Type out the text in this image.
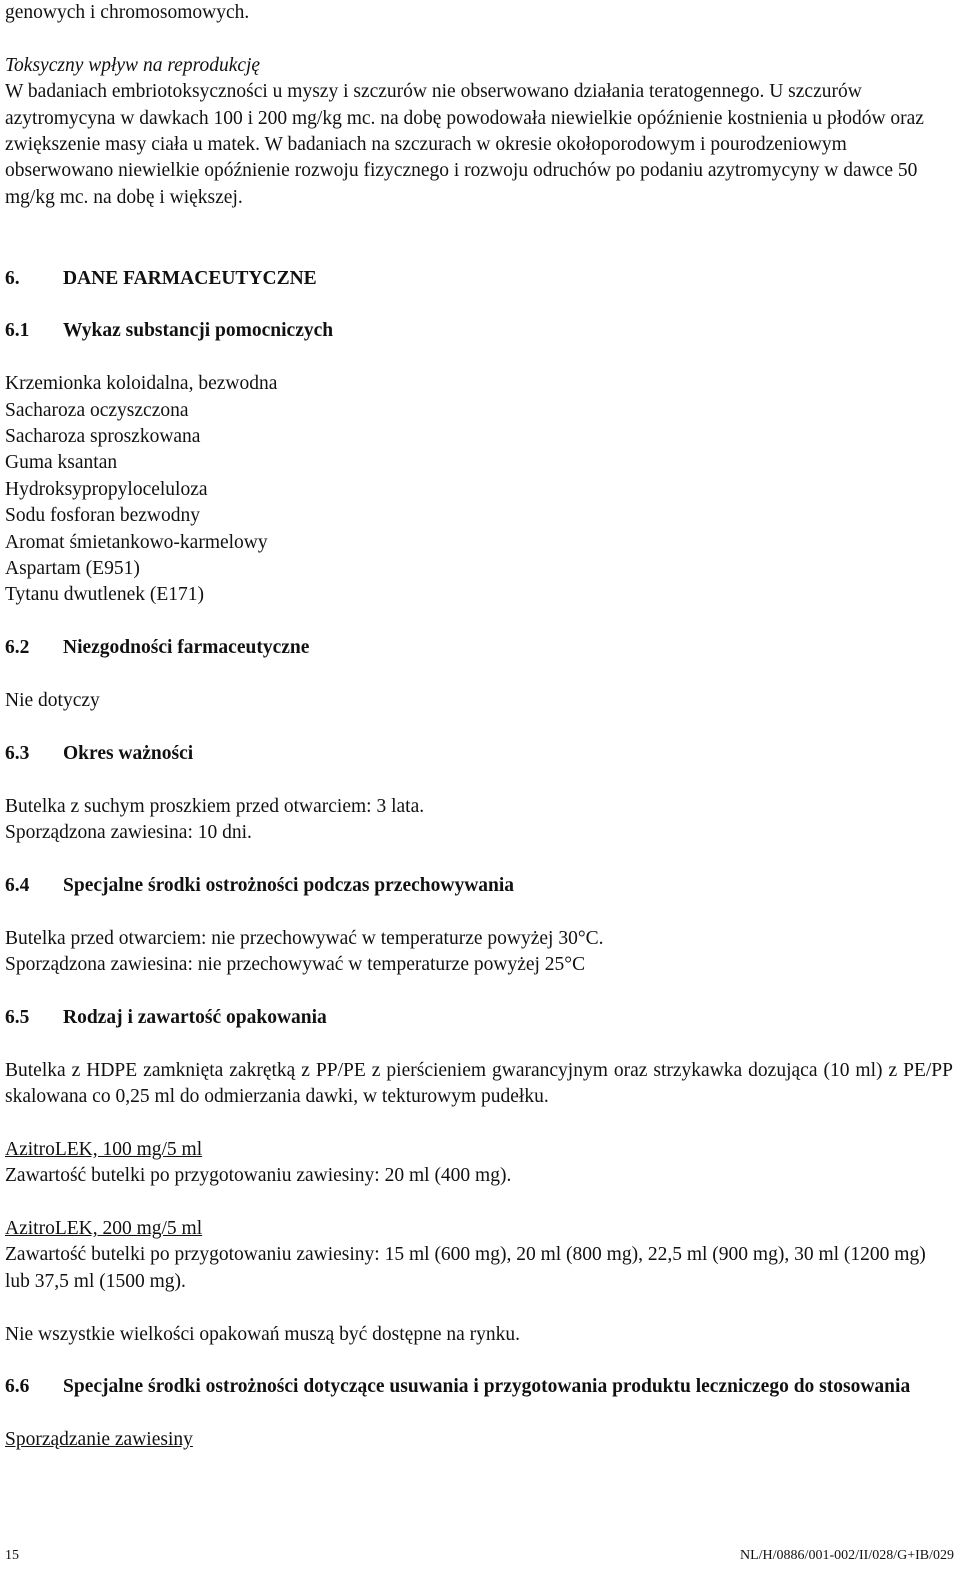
genowych i chromosomowych.

Toksyczny wpływ na reprodukcję

W badaniach embriotoksyczności u myszy i szczurów nie obserwowano działania teratogennego. U szczurów azytromycyna w dawkach 100 i 200 mg/kg mc. na dobę powodowała niewielkie opóźnienie kostnienia u płodów oraz zwiększenie masy ciała u matek. W badaniach na szczurach w okresie okołoporodowym i pourodzeniowym obserwowano niewielkie opóźnienie rozwoju fizycznego i rozwoju odruchów po podaniu azytromycyny w dawce 50 mg/kg mc. na dobę i większej.

6.	DANE FARMACEUTYCZNE
6.1	Wykaz substancji pomocniczych

Krzemionka koloidalna, bezwodna

Sacharoza oczyszczona

Sacharoza sproszkowana

Guma ksantan

Hydroksypropyloceluloza

Sodu fosforan bezwodny

Aromat śmietankowo-karmelowy

Aspartam (E951)

Tytanu dwutlenek (E171)

6.2	Niezgodności farmaceutyczne

Nie dotyczy

6.3	Okres ważności

Butelka z suchym proszkiem przed otwarciem: 3 lata.

Sporządzona zawiesina: 10 dni.

6.4	Specjalne środki ostrożności podczas przechowywania

Butelka przed otwarciem: nie przechowywać w temperaturze powyżej 30°C.

Sporządzona zawiesina: nie przechowywać w temperaturze powyżej 25°C

6.5	Rodzaj i zawartość opakowania

Butelka z HDPE zamknięta zakrętką z PP/PE z pierścieniem gwarancyjnym oraz strzykawka dozująca (10 ml) z PE/PP skalowana co 0,25 ml do odmierzania dawki, w tekturowym pudełku.

AzitroLEK, 100 mg/5 ml

Zawartość butelki po przygotowaniu zawiesiny: 20 ml (400 mg).

AzitroLEK, 200 mg/5 ml

Zawartość butelki po przygotowaniu zawiesiny: 15 ml (600 mg), 20 ml (800 mg), 22,5 ml (900 mg), 30 ml (1200 mg) lub 37,5 ml (1500 mg).

Nie wszystkie wielkości opakowań muszą być dostępne na rynku.

6.6	Specjalne środki ostrożności dotyczące usuwania i przygotowania produktu leczniczego do stosowania

Sporządzanie zawiesiny

15	NL/H/0886/001-002/II/028/G+IB/029
